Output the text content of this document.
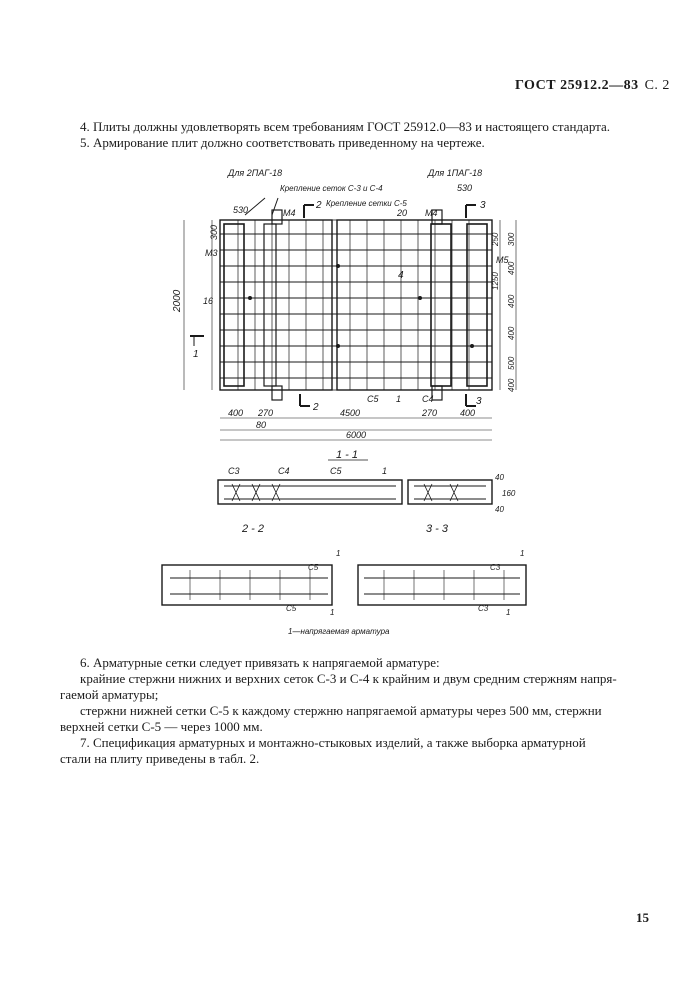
ГОСТ 25912.2—83 С. 2
4. Плиты должны удовлетворять всем требованиям ГОСТ 25912.0—83 и настоящего стандарта.
5. Армирование плит должно соответствовать приведенному на чертеже.
Для 2ПАГ-18	Для 1ПАГ-18
Крепление сеток С-3 и С-4
Крепление сетки С-5
530
530
М4	М4
2	3
20
М3
М5
16
4
1
2
3
С5 1 С4
300
2000
250 300
400
1250
400
400
500
400
400 270	4500	270	400
80
6000
1 - 1
С3	С4	С5	1
40
160
40
2 - 2
С5
С5
1
1
3 - 3
С3
С3
1
1
1—напрягаемая арматура
6. Арматурные сетки следует привязать к напрягаемой арматуре:
крайние стержни нижних и верхних сеток С-3 и С-4 к крайним и двум средним стержням напря-
гаемой арматуры;
стержни нижней сетки С-5 к каждому стержню напрягаемой арматуры через 500 мм, стержни
верхней сетки С-5 — через 1000 мм.
7. Спецификация арматурных и монтажно-стыковых изделий, а также выборка арматурной
стали на плиту приведены в табл. 2.
15
